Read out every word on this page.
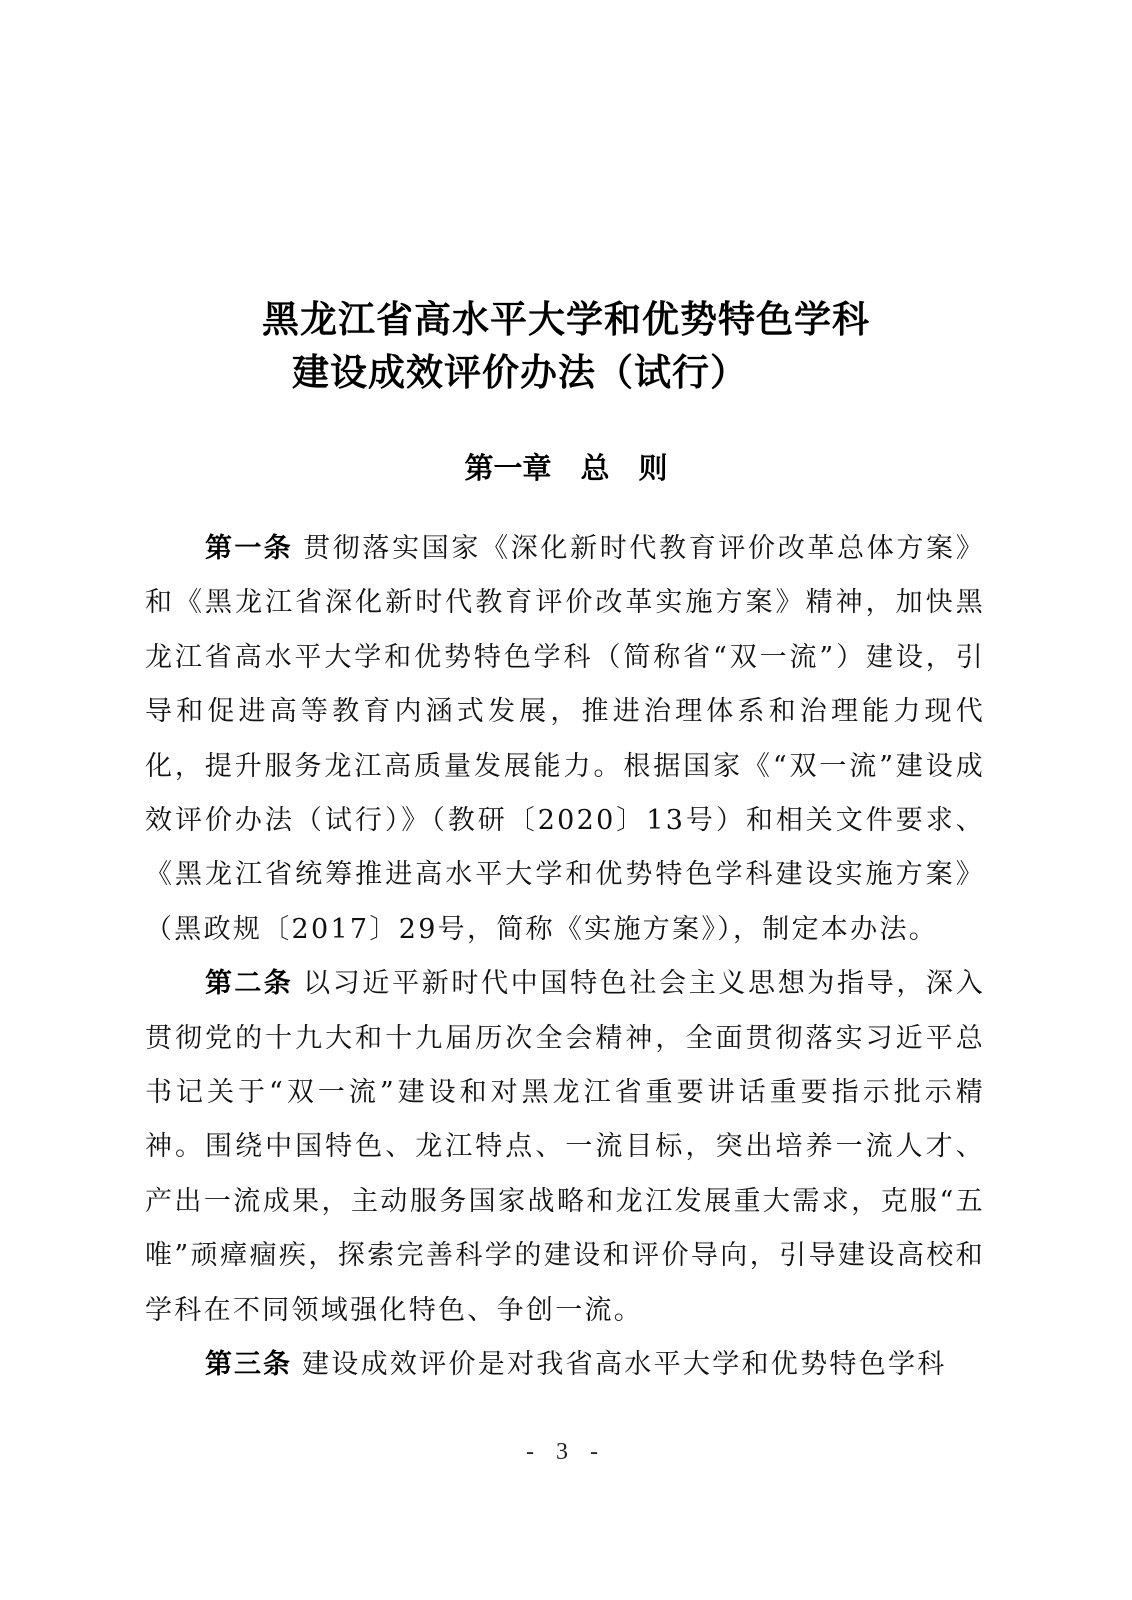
黑龙江省高水平大学和优势特色学科
建设成效评价办法（试行）
第一章　总　则

第一条 贯彻落实国家《深化新时代教育评价改革总体方案》和《黑龙江省深化新时代教育评价改革实施方案》精神，加快黑龙江省高水平大学和优势特色学科（简称省“双一流”）建设，引导和促进高等教育内涵式发展，推进治理体系和治理能力现代化，提升服务龙江高质量发展能力。根据国家《“双一流”建设成效评价办法（试行）》（教研〔2020〕13号）和相关文件要求、《黑龙江省统筹推进高水平大学和优势特色学科建设实施方案》（黑政规〔2017〕29号，简称《实施方案》），制定本办法。

第二条 以习近平新时代中国特色社会主义思想为指导，深入贯彻党的十九大和十九届历次全会精神，全面贯彻落实习近平总书记关于“双一流”建设和对黑龙江省重要讲话重要指示批示精神。围绕中国特色、龙江特点、一流目标，突出培养一流人才、产出一流成果，主动服务国家战略和龙江发展重大需求，克服“五唯”顽瘴痼疾，探索完善科学的建设和评价导向，引导建设高校和学科在不同领域强化特色、争创一流。

第三条 建设成效评价是对我省高水平大学和优势特色学科

- 3 -
